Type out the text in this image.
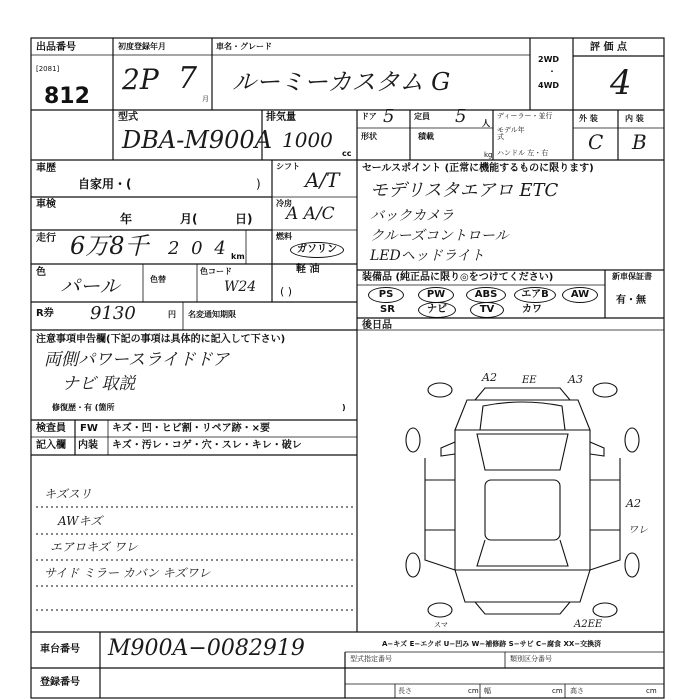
出品番号
[2081]
812
初度登録年月
2P 7
月
車名・グレード
ルーミーカスタム G
2WD
・
4WD
評 価 点
4
型式
DBA-M900A
排気量
1000
cc
ドア 5 定員 5 人
形状	積載
kg
ディーラー・並行
モデル年式
ハンドル 左・右
外 装	内 装
C B
車歴
自家用・(	)
車検
年	月(	日)
走行 6万8千 2 0 4 km
色
パール	色替
色コード
W24 ( )
R券 9130	円 名変通知期限
シフト
A/T
冷房
A A/C
燃料
ガソリン
軽 油
セールスポイント (正常に機能するものに限ります)
モデリスタエアロ ETC
バックカメラ
クルーズコントロール
LEDヘッドライト
装備品 (純正品に限り◎をつけてください)
PS	PW	ABS	エアB	AW
SR	ナビ	TV	カワ
新車保証書
有・無
後日品
注意事項申告欄(下記の事項は具体的に記入して下さい)
両側パワースライドドア
ナビ 取説
修復歴・有 (箇所	)
検査員
記入欄
FW キズ・凹・ヒビ割・リペア跡・×要
内装 キズ・汚レ・コゲ・穴・スレ・キレ・破レ
キズスリ
AWキズ
エアロキズ ワレ
サイド ミラー カバン キズワレ
A2	EE	A3
A2
ワレ
A2EE
スマ
A−キズ E−エクボ U−凹み W−補修跡 S−サビ C−腐食 XX−交換済
車台番号 M900A−0082919
登録番号
型式指定番号	類別区分番号
長さ	cm 幅	cm 高さ	cm
